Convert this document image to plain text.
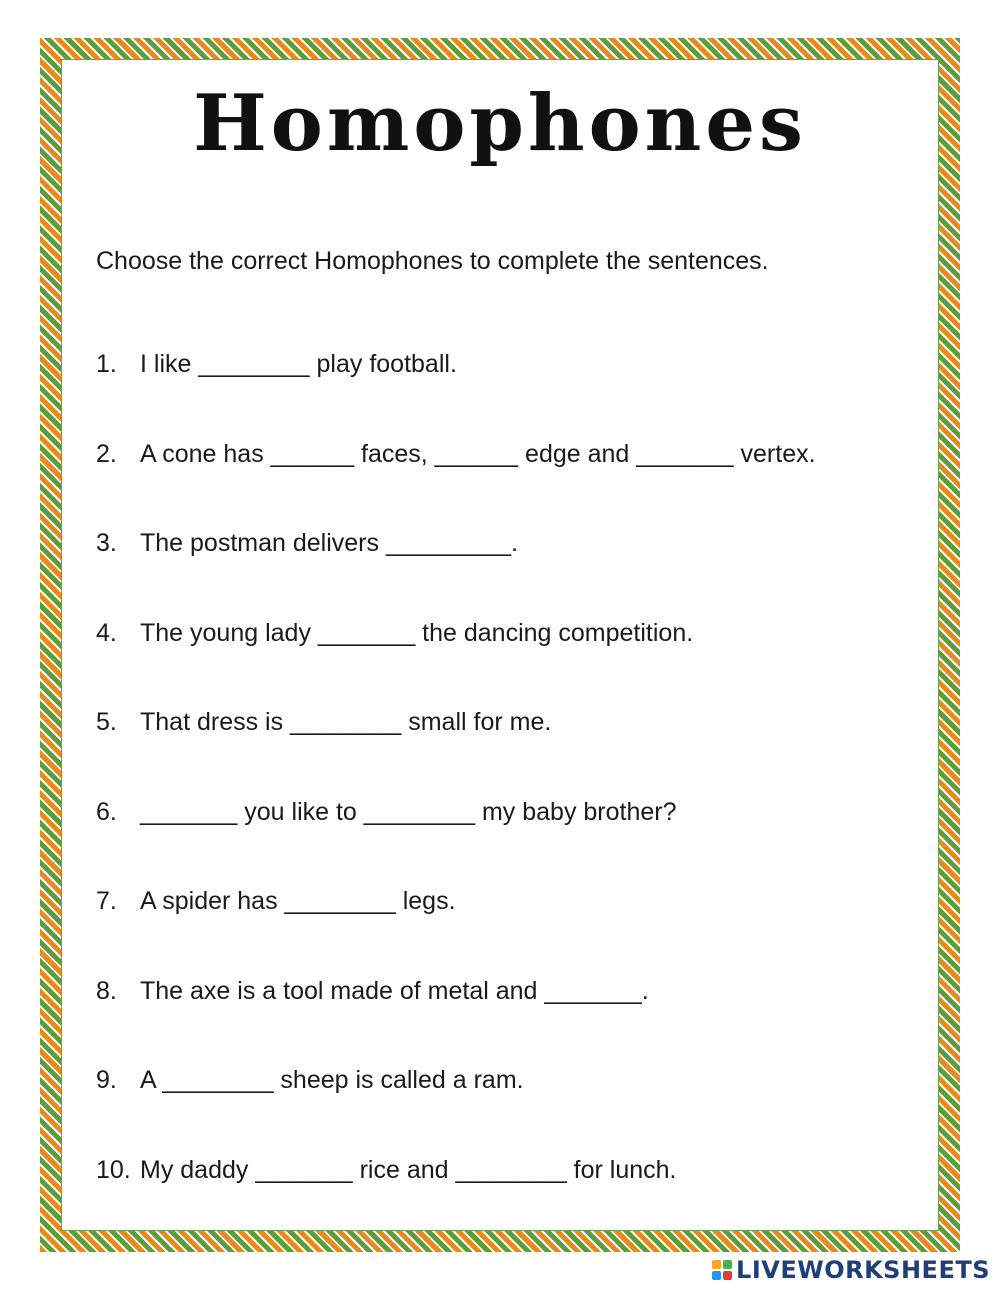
Homophones

Choose the correct Homophones to complete the sentences.

1. I like ________ play football.
2. A cone has ______ faces, ______ edge and _______ vertex.
3. The postman delivers _________.
4. The young lady _______ the dancing competition.
5. That dress is ________ small for me.
6. _______ you like to ________ my baby brother?
7. A spider has ________ legs.
8. The axe is a tool made of metal and _______.
9. A ________ sheep is called a ram.
10. My daddy _______ rice and ________ for lunch.
LIVEWORKSHEETS
